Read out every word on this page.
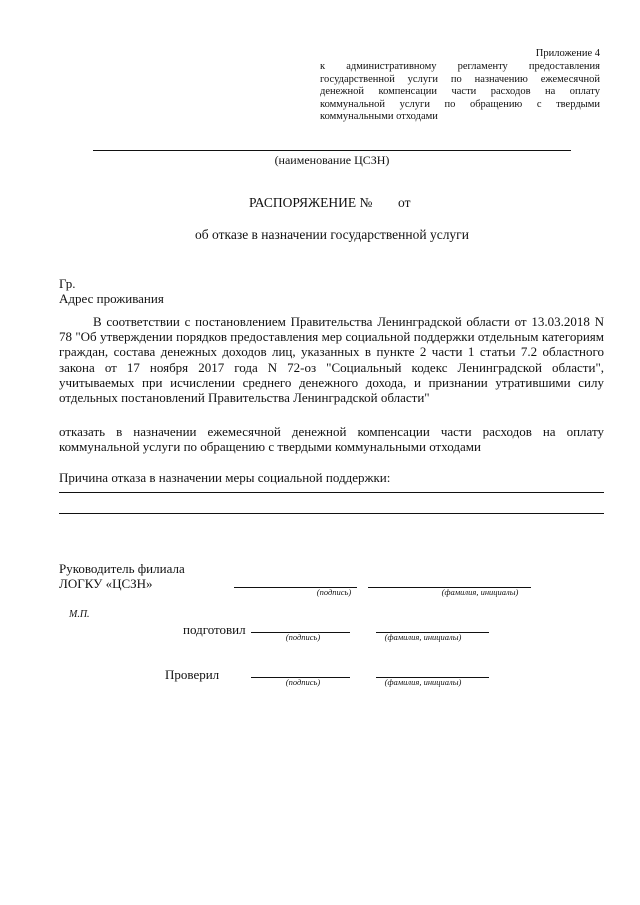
Приложение 4
к административному регламенту предоставления
государственной услуги по назначению ежемесячной
денежной компенсации части расходов на оплату
коммунальной услуги по обращению с твердыми
коммунальными отходами
(наименование ЦСЗН)
РАСПОРЯЖЕНИЕ № от
об отказе в назначении государственной услуги
Гр.
Адрес проживания
В соответствии с постановлением Правительства Ленинградской области от 13.03.2018 N
78 "Об утверждении порядков предоставления мер социальной поддержки отдельным категориям
граждан, состава денежных доходов лиц, указанных в пункте 2 части 1 статьи 7.2 областного
закона от 17 ноября 2017 года N 72-оз "Социальный кодекс Ленинградской области",
учитываемых при исчислении среднего денежного дохода, и признании утратившими силу
отдельных постановлений Правительства Ленинградской области"
отказать в назначении ежемесячной денежной компенсации части расходов на оплату
коммунальной услуги по обращению с твердыми коммунальными отходами
Причина отказа в назначении меры социальной поддержки:
Руководитель филиала
ЛОГКУ «ЦСЗН»
(подпись)	(фамилия, инициалы)
М.П.
подготовил	(подпись)	(фамилия, инициалы)
Проверил	(подпись)	(фамилия, инициалы)
